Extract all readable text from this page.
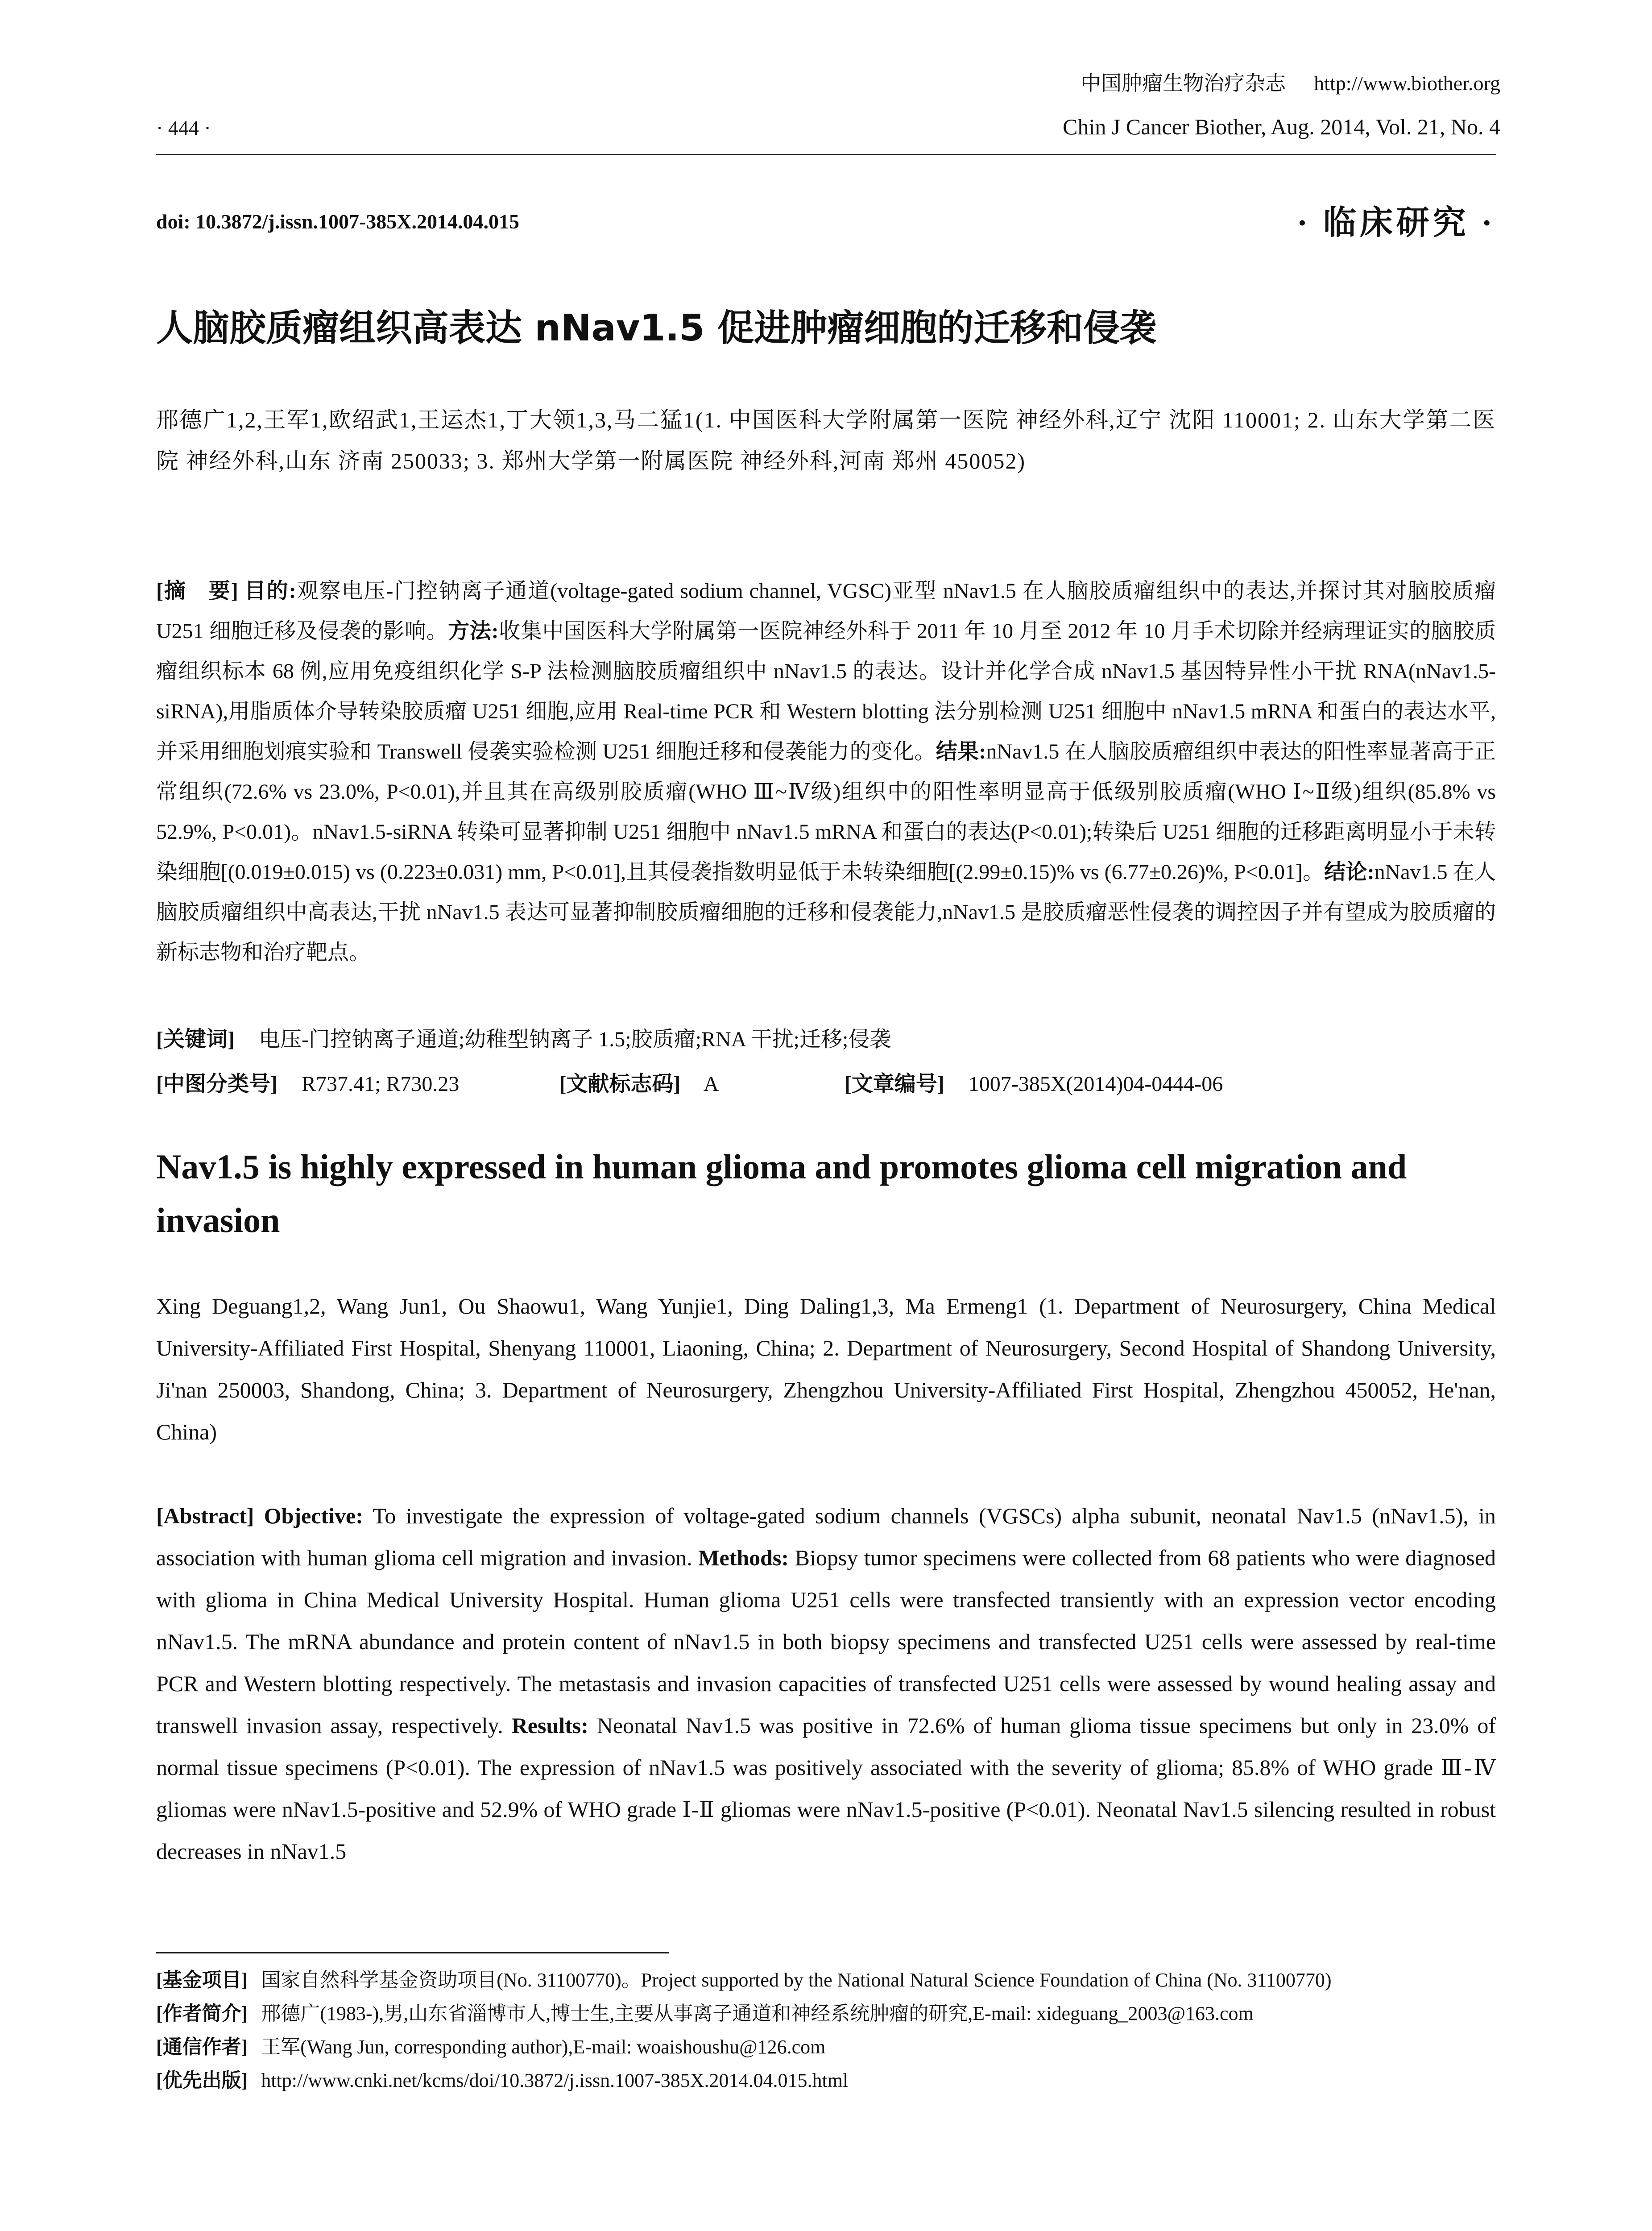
中国肿瘤生物治疗杂志 http://www.biother.org
Chin J Cancer Biother, Aug. 2014, Vol. 21, No. 4
· 444 ·
doi: 10.3872/j.issn.1007-385X.2014.04.015	· 临床研究 ·
人脑胶质瘤组织高表达 nNav1.5 促进肿瘤细胞的迁移和侵袭

邢德广1,2,王军1,欧绍武1,王运杰1,丁大领1,3,马二猛1(1. 中国医科大学附属第一医院 神经外科,辽宁 沈阳 110001; 2. 山东大学第二医院 神经外科,山东 济南 250033; 3. 郑州大学第一附属医院 神经外科,河南 郑州 450052)

[摘　要] 目的:观察电压-门控钠离子通道(voltage-gated sodium channel, VGSC)亚型 nNav1.5 在人脑胶质瘤组织中的表达,并探讨其对脑胶质瘤 U251 细胞迁移及侵袭的影响。方法:收集中国医科大学附属第一医院神经外科于 2011 年 10 月至 2012 年 10 月手术切除并经病理证实的脑胶质瘤组织标本 68 例,应用免疫组织化学 S-P 法检测脑胶质瘤组织中 nNav1.5 的表达。设计并化学合成 nNav1.5 基因特异性小干扰 RNA(nNav1.5-siRNA),用脂质体介导转染胶质瘤 U251 细胞,应用 Real-time PCR 和 Western blotting 法分别检测 U251 细胞中 nNav1.5 mRNA 和蛋白的表达水平,并采用细胞划痕实验和 Transwell 侵袭实验检测 U251 细胞迁移和侵袭能力的变化。结果:nNav1.5 在人脑胶质瘤组织中表达的阳性率显著高于正常组织(72.6% vs 23.0%, P<0.01),并且其在高级别胶质瘤(WHO Ⅲ~Ⅳ级)组织中的阳性率明显高于低级别胶质瘤(WHO Ⅰ~Ⅱ级)组织(85.8% vs 52.9%, P<0.01)。nNav1.5-siRNA 转染可显著抑制 U251 细胞中 nNav1.5 mRNA 和蛋白的表达(P<0.01);转染后 U251 细胞的迁移距离明显小于未转染细胞[(0.019±0.015) vs (0.223±0.031) mm, P<0.01],且其侵袭指数明显低于未转染细胞[(2.99±0.15)% vs (6.77±0.26)%, P<0.01]。结论:nNav1.5 在人脑胶质瘤组织中高表达,干扰 nNav1.5 表达可显著抑制胶质瘤细胞的迁移和侵袭能力,nNav1.5 是胶质瘤恶性侵袭的调控因子并有望成为胶质瘤的新标志物和治疗靶点。

[关键词] 电压-门控钠离子通道;幼稚型钠离子 1.5;胶质瘤;RNA 干扰;迁移;侵袭
[中图分类号] R737.41; R730.23	[文献标志码] A	[文章编号] 1007-385X(2014)04-0444-06
Nav1.5 is highly expressed in human glioma and promotes glioma cell migration and invasion

Xing Deguang1,2, Wang Jun1, Ou Shaowu1, Wang Yunjie1, Ding Daling1,3, Ma Ermeng1 (1. Department of Neurosurgery, China Medical University-Affiliated First Hospital, Shenyang 110001, Liaoning, China; 2. Department of Neurosurgery, Second Hospital of Shandong University, Ji'nan 250003, Shandong, China; 3. Department of Neurosurgery, Zhengzhou University-Affiliated First Hospital, Zhengzhou 450052, He'nan, China)

[Abstract] Objective: To investigate the expression of voltage-gated sodium channels (VGSCs) alpha subunit, neonatal Nav1.5 (nNav1.5), in association with human glioma cell migration and invasion. Methods: Biopsy tumor specimens were collected from 68 patients who were diagnosed with glioma in China Medical University Hospital. Human glioma U251 cells were transfected transiently with an expression vector encoding nNav1.5. The mRNA abundance and protein content of nNav1.5 in both biopsy specimens and transfected U251 cells were assessed by real-time PCR and Western blotting respectively. The metastasis and invasion capacities of transfected U251 cells were assessed by wound healing assay and transwell invasion assay, respectively. Results: Neonatal Nav1.5 was positive in 72.6% of human glioma tissue specimens but only in 23.0% of normal tissue specimens (P<0.01). The expression of nNav1.5 was positively associated with the severity of glioma; 85.8% of WHO grade Ⅲ-Ⅳ gliomas were nNav1.5-positive and 52.9% of WHO grade Ⅰ-Ⅱ gliomas were nNav1.5-positive (P<0.01). Neonatal Nav1.5 silencing resulted in robust decreases in nNav1.5

[基金项目] 国家自然科学基金资助项目(No. 31100770)。Project supported by the National Natural Science Foundation of China (No. 31100770)

[作者简介] 邢德广(1983-),男,山东省淄博市人,博士生,主要从事离子通道和神经系统肿瘤的研究,E-mail: xideguang_2003@163.com

[通信作者] 王军(Wang Jun, corresponding author),E-mail: woaishoushu@126.com

[优先出版] http://www.cnki.net/kcms/doi/10.3872/j.issn.1007-385X.2014.04.015.html
